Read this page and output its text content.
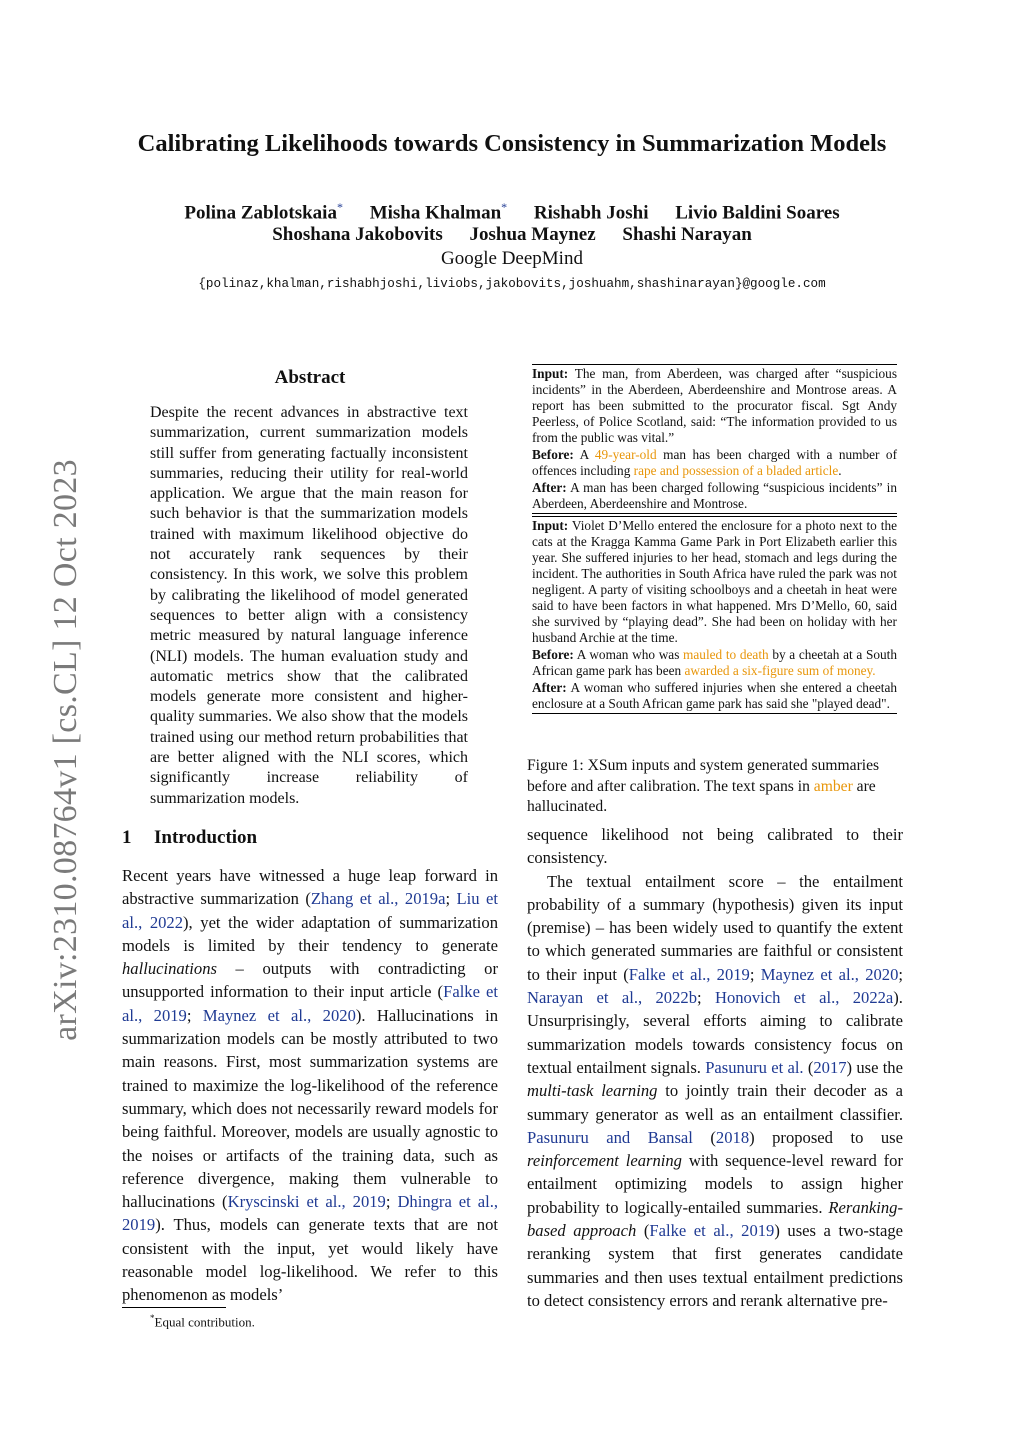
arXiv:2310.08764v1 [cs.CL] 12 Oct 2023
Calibrating Likelihoods towards Consistency in Summarization Models
Polina Zablotskaia* Misha Khalman* Rishabh Joshi Livio Baldini Soares
Shoshana Jakobovits Joshua Maynez Shashi Narayan
Google DeepMind
{polinaz,khalman,rishabhjoshi,liviobs,jakobovits,joshuahm,shashinarayan}@google.com
Abstract
Despite the recent advances in abstractive text summarization, current summarization models still suffer from generating factually inconsistent summaries, reducing their utility for real-world application. We argue that the main reason for such behavior is that the summarization models trained with maximum likelihood objective do not accurately rank sequences by their consistency. In this work, we solve this problem by calibrating the likelihood of model generated sequences to better align with a consistency metric measured by natural language inference (NLI) models. The human evaluation study and automatic metrics show that the calibrated models generate more consistent and higher-quality summaries. We also show that the models trained using our method return probabilities that are better aligned with the NLI scores, which significantly increase reliability of summarization models.
1 Introduction
Recent years have witnessed a huge leap forward in abstractive summarization (Zhang et al., 2019a; Liu et al., 2022), yet the wider adaptation of summarization models is limited by their tendency to generate hallucinations – outputs with contradicting or unsupported information to their input article (Falke et al., 2019; Maynez et al., 2020). Hallucinations in summarization models can be mostly attributed to two main reasons. First, most summarization systems are trained to maximize the log-likelihood of the reference summary, which does not necessarily reward models for being faithful. Moreover, models are usually agnostic to the noises or artifacts of the training data, such as reference divergence, making them vulnerable to hallucinations (Kryscinski et al., 2019; Dhingra et al., 2019). Thus, models can generate texts that are not consistent with the input, yet would likely have reasonable model log-likelihood. We refer to this phenomenon as models’
*Equal contribution.

Input: The man, from Aberdeen, was charged after “suspicious incidents” in the Aberdeen, Aberdeenshire and Montrose areas. A report has been submitted to the procurator fiscal. Sgt Andy Peerless, of Police Scotland, said: “The information provided to us from the public was vital.”

Before: A 49-year-old man has been charged with a number of offences including rape and possession of a bladed article.

After: A man has been charged following “suspicious incidents” in Aberdeen, Aberdeenshire and Montrose.

Input: Violet D’Mello entered the enclosure for a photo next to the cats at the Kragga Kamma Game Park in Port Elizabeth earlier this year. She suffered injuries to her head, stomach and legs during the incident. The authorities in South Africa have ruled the park was not negligent. A party of visiting schoolboys and a cheetah in heat were said to have been factors in what happened. Mrs D’Mello, 60, said she survived by “playing dead”. She had been on holiday with her husband Archie at the time.

Before: A woman who was mauled to death by a cheetah at a South African game park has been awarded a six-figure sum of money.

After: A woman who suffered injuries when she entered a cheetah enclosure at a South African game park has said she "played dead".

Figure 1: XSum inputs and system generated summaries before and after calibration. The text spans in amber are hallucinated.

sequence likelihood not being calibrated to their consistency.

The textual entailment score – the entailment probability of a summary (hypothesis) given its input (premise) – has been widely used to quantify the extent to which generated summaries are faithful or consistent to their input (Falke et al., 2019; Maynez et al., 2020; Narayan et al., 2022b; Honovich et al., 2022a). Unsurprisingly, several efforts aiming to calibrate summarization models towards consistency focus on textual entailment signals. Pasunuru et al. (2017) use the multi-task learning to jointly train their decoder as a summary generator as well as an entailment classifier. Pasunuru and Bansal (2018) proposed to use reinforcement learning with sequence-level reward for entailment optimizing models to assign higher probability to logically-entailed summaries. Reranking-based approach (Falke et al., 2019) uses a two-stage reranking system that first generates candidate summaries and then uses textual entailment predictions to detect consistency errors and rerank alternative pre-
